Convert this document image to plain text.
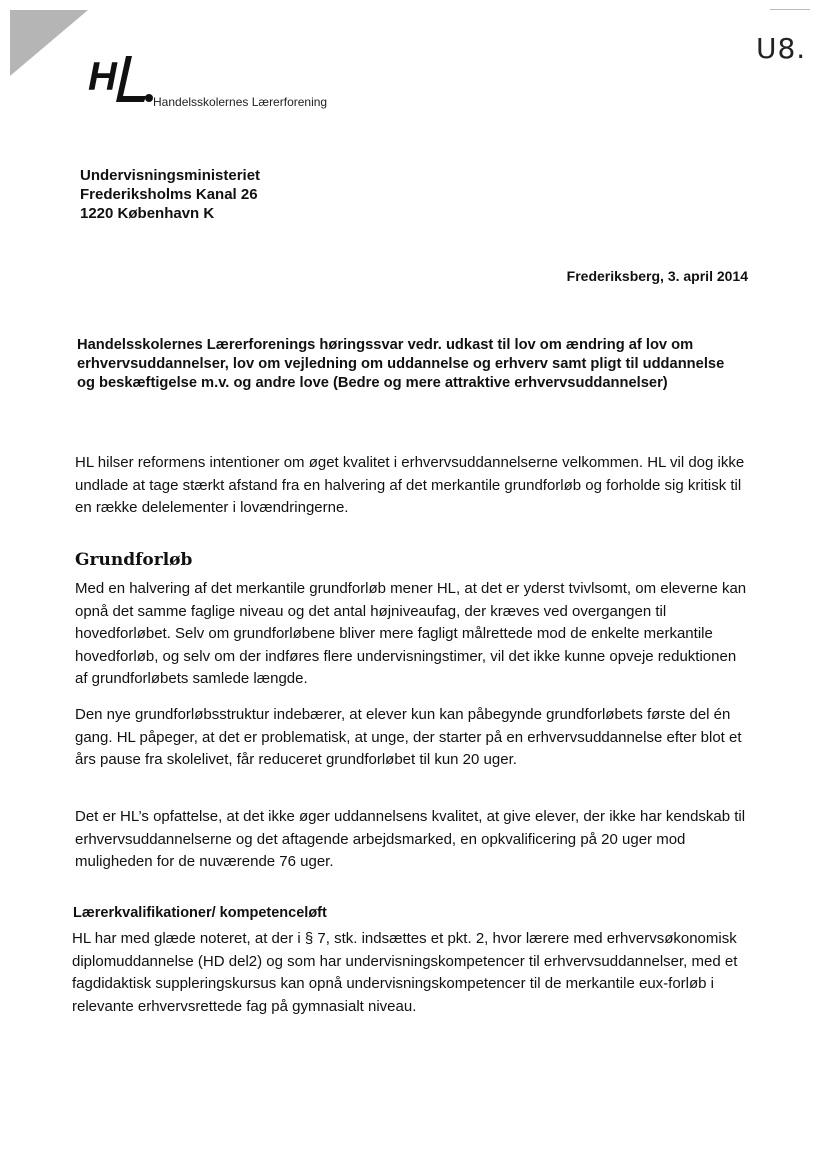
H
Handelsskolernes Lærerforening
U8.
Undervisningsministeriet
Frederiksholms Kanal 26
1220 København K
Frederiksberg, 3. april 2014
Handelsskolernes Lærerforenings høringssvar vedr. udkast til lov om ændring af lov om erhvervsuddannelser, lov om vejledning om uddannelse og erhverv samt pligt til uddannelse og beskæftigelse m.v. og andre love (Bedre og mere attraktive erhvervsuddannelser)
HL hilser reformens intentioner om øget kvalitet i erhvervsuddannelserne velkommen. HL vil dog ikke undlade at tage stærkt afstand fra en halvering af det merkantile grundforløb og forholde sig kritisk til en række delelementer i lovændringerne.
Grundforløb
Med en halvering af det merkantile grundforløb mener HL, at det er yderst tvivlsomt, om eleverne kan opnå det samme faglige niveau og det antal højniveaufag, der kræves ved overgangen til hovedforløbet. Selv om grundforløbene bliver mere fagligt målrettede mod de enkelte merkantile hovedforløb, og selv om der indføres flere undervisningstimer, vil det ikke kunne opveje reduktionen af grundforløbets samlede længde.
Den nye grundforløbsstruktur indebærer, at elever kun kan påbegynde grundforløbets første del én gang. HL påpeger, at det er problematisk, at unge, der starter på en erhvervsuddannelse efter blot et års pause fra skolelivet, får reduceret grundforløbet til kun 20 uger.
Det er HL’s opfattelse, at det ikke øger uddannelsens kvalitet, at give elever, der ikke har kendskab til erhvervsuddannelserne og det aftagende arbejdsmarked, en opkvalificering på 20 uger mod muligheden for de nuværende 76 uger.
Lærerkvalifikationer/ kompetenceløft
HL har med glæde noteret, at der i § 7, stk. indsættes et pkt. 2, hvor lærere med erhvervsøkonomisk diplomuddannelse (HD del2) og som har undervisningskompetencer til erhvervsuddannelser, med et fagdidaktisk suppleringskursus kan opnå undervisningskompetencer til de merkantile eux-forløb i relevante erhvervsrettede fag på gymnasialt niveau.
